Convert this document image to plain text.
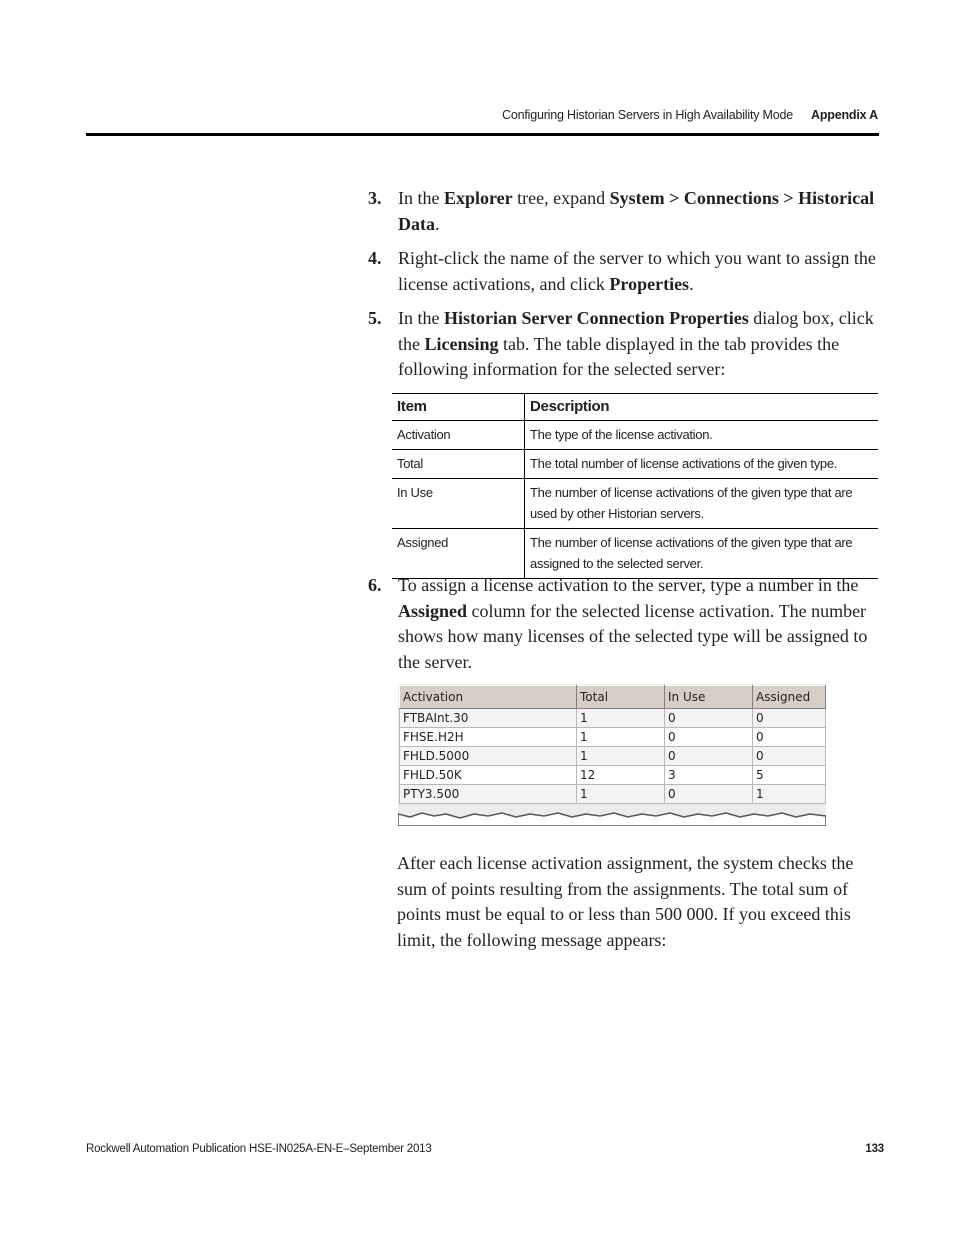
Configuring Historian Servers in High Availability Mode Appendix A
3. In the Explorer tree, expand System > Connections > Historical Data.
4. Right-click the name of the server to which you want to assign the license activations, and click Properties.
5. In the Historian Server Connection Properties dialog box, click the Licensing tab. The table displayed in the tab provides the following information for the selected server:
Item	Description
Activation	The type of the license activation.
Total	The total number of license activations of the given type.
In Use	The number of license activations of the given type that are used by other Historian servers.
Assigned	The number of license activations of the given type that are assigned to the selected server.
6. To assign a license activation to the server, type a number in the Assigned column for the selected license activation. The number shows how many licenses of the selected type will be assigned to the server.
Activation	Total	In Use	Assigned
FTBAInt.30	1	0	0
FHSE.H2H	1	0	0
FHLD.5000	1	0	0
FHLD.50K	12	3	5
PTY3.500	1	0	1
After each license activation assignment, the system checks the sum of points resulting from the assignments. The total sum of points must be equal to or less than 500 000. If you exceed this limit, the following message appears:
Rockwell Automation Publication HSE-IN025A-EN-E–September 2013	133
